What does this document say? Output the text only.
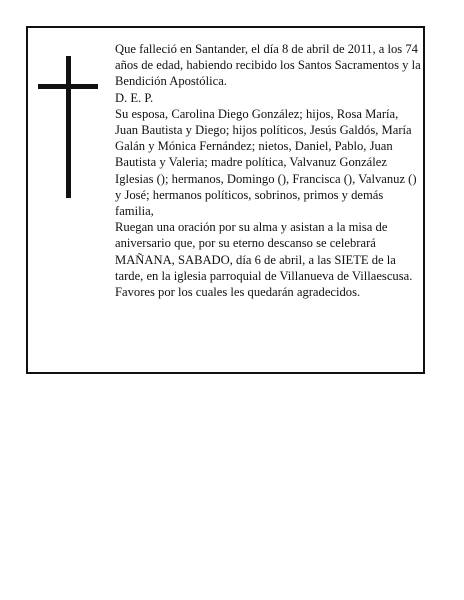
Que falleció en Santander, el día 8 de abril de 2011, a los 74 años de edad, habiendo recibido los Santos Sacramentos y la Bendición Apostólica.

D. E. P.

Su esposa, Carolina Diego González; hijos, Rosa María, Juan Bautista y Diego; hijos políticos, Jesús Galdós, María Galán y Mónica Fernández; nietos, Daniel, Pablo, Juan Bautista y Valeria; madre política, Valvanuz González Iglesias (); hermanos, Domingo (), Francisca (), Valvanuz () y José; hermanos políticos, sobrinos, primos y demás familia,

Ruegan una oración por su alma y asistan a la misa de aniversario que, por su eterno descanso se celebrará MAÑANA, SABADO, día 6 de abril, a las SIETE de la tarde, en la iglesia parroquial de Villanueva de Villaescusa. Favores por los cuales les quedarán agradecidos.
